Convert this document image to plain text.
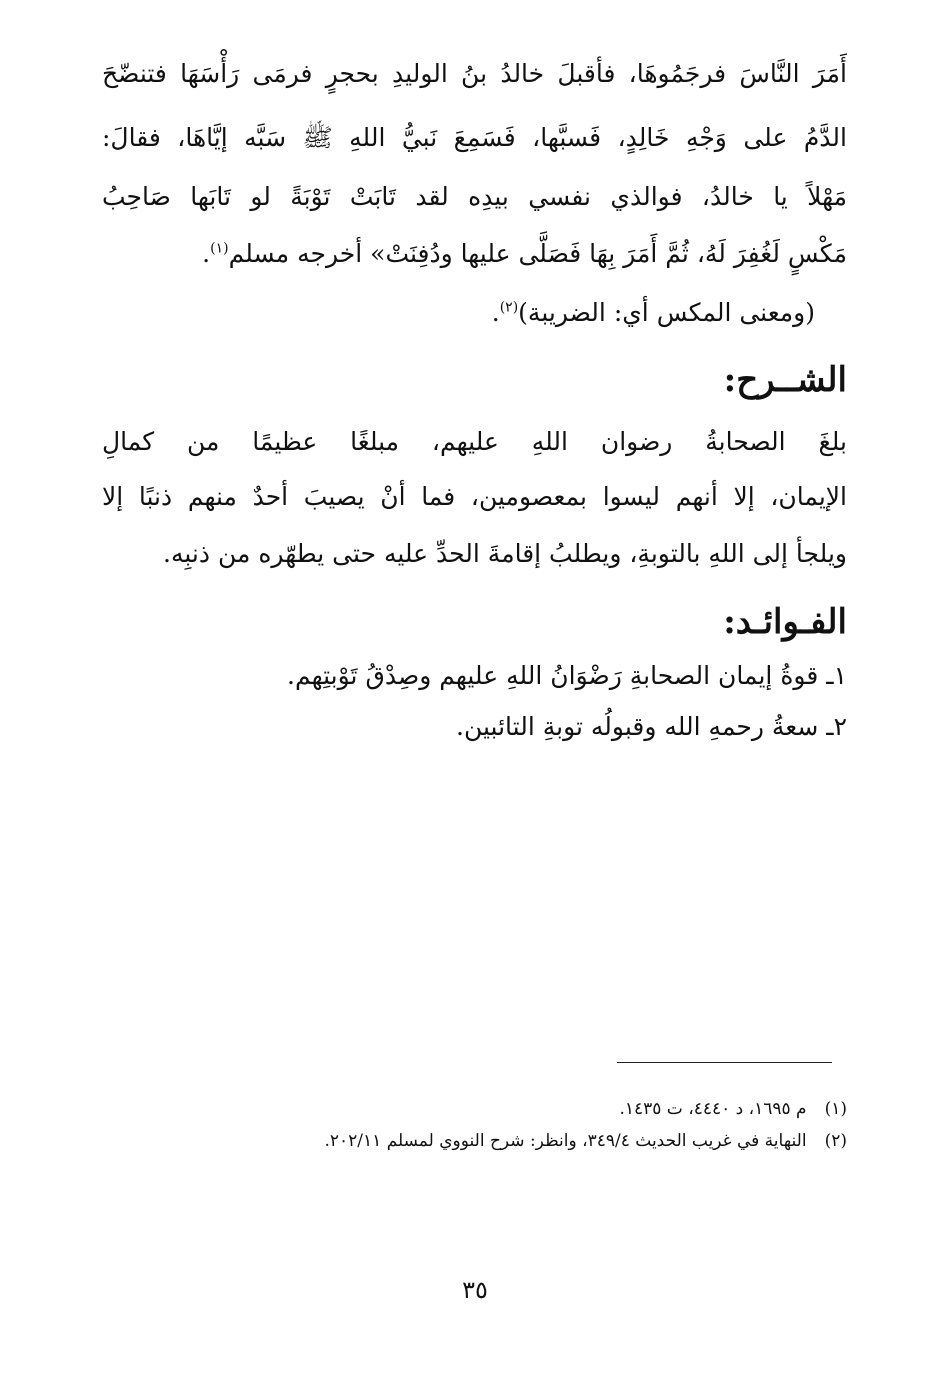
أَمَرَ النَّاسَ فرجَمُوهَا، فأقبلَ خالدُ بنُ الوليدِ بحجرٍ فرمَى رَأْسَهَا فتنضّحَ
الدَّمُ على وَجْهِ خَالِدٍ، فَسبَّها، فَسَمِعَ نَبيُّ اللهِ ﷺ سَبَّه إيَّاهَا، فقالَ:
مَهْلاً يا خالدُ، فوالذي نفسي بيدِه لقد تَابَتْ تَوْبَةً لو تَابَها صَاحِبُ
مَكْسٍ لَغُفِرَ لَهُ، ثُمَّ أَمَرَ بِهَا فَصَلَّى عليها ودُفِنَتْ» أخرجه مسلم$^{(١)}$.
(ومعنى المكس أي: الضريبة)$^{(٢)}$.
الشــرح:
بلغَ الصحابةُ رضوان اللهِ عليهم، مبلغًا عظيمًا من كمالِ
الإيمان، إلا أنهم ليسوا بمعصومين، فما أنْ يصيبَ أحدٌ منهم ذنبًا إلا
ويلجأ إلى اللهِ بالتوبةِ، ويطلبُ إقامةَ الحدِّ عليه حتى يطهّره من ذنبِه.
الفـوائـد:
١ـ قوةُ إيمان الصحابةِ رَضْوَانُ اللهِ عليهم وصِدْقُ تَوْبتِهم.
٢ـ سعةُ رحمهِ الله وقبولُه توبةِ التائبين.
(١)م ١٦٩٥، د ٤٤٤٠، ت ١٤٣٥.
(٢)النهاية في غريب الحديث ٣٤٩/٤، وانظر: شرح النووي لمسلم ٢٠٢/١١.
٣٥
